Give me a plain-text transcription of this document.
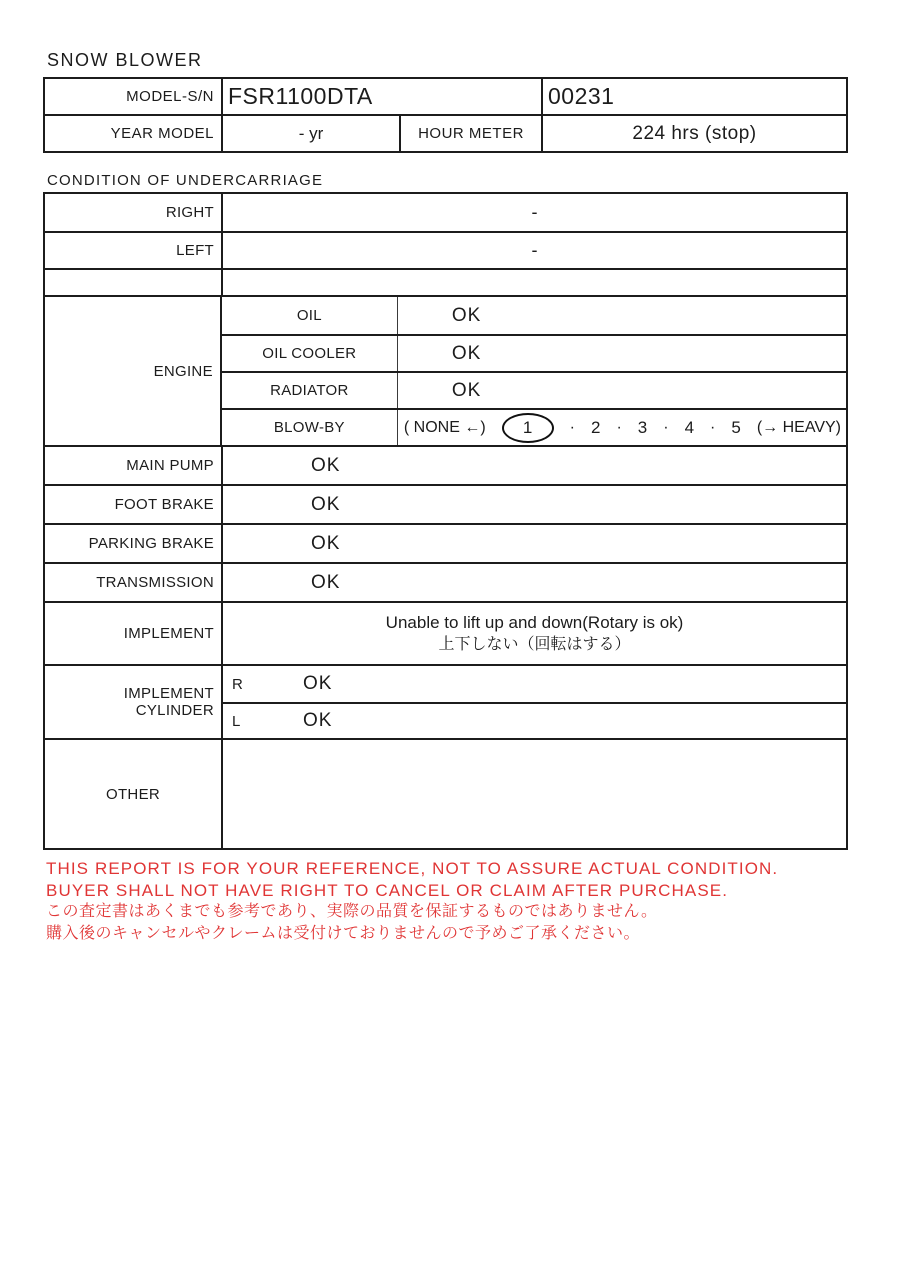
SNOW BLOWER
MODEL-S/N FSR1100DTA	00231
YEAR MODEL	- yr	HOUR METER	224 hrs (stop)
CONDITION OF UNDERCARRIAGE
RIGHT	-
LEFT	-
ENGINE
OIL	OK
OIL COOLER	OK
RADIATOR	OK
BLOW-BY	( NONE ←)	1	· 2 · 3 · 4 · 5 (→ HEAVY)
MAIN PUMP	OK
FOOT BRAKE	OK
PARKING BRAKE	OK
TRANSMISSION	OK
IMPLEMENT
Unable to lift up and down(Rotary is ok)
上下しない（回転はする）
IMPLEMENT
CYLINDER
R	OK
L	OK
OTHER
THIS REPORT IS FOR YOUR REFERENCE, NOT TO ASSURE ACTUAL CONDITION.
BUYER SHALL NOT HAVE RIGHT TO CANCEL OR CLAIM AFTER PURCHASE.
この査定書はあくまでも参考であり、実際の品質を保証するものではありません。
購入後のキャンセルやクレームは受付けておりませんので予めご了承ください。
